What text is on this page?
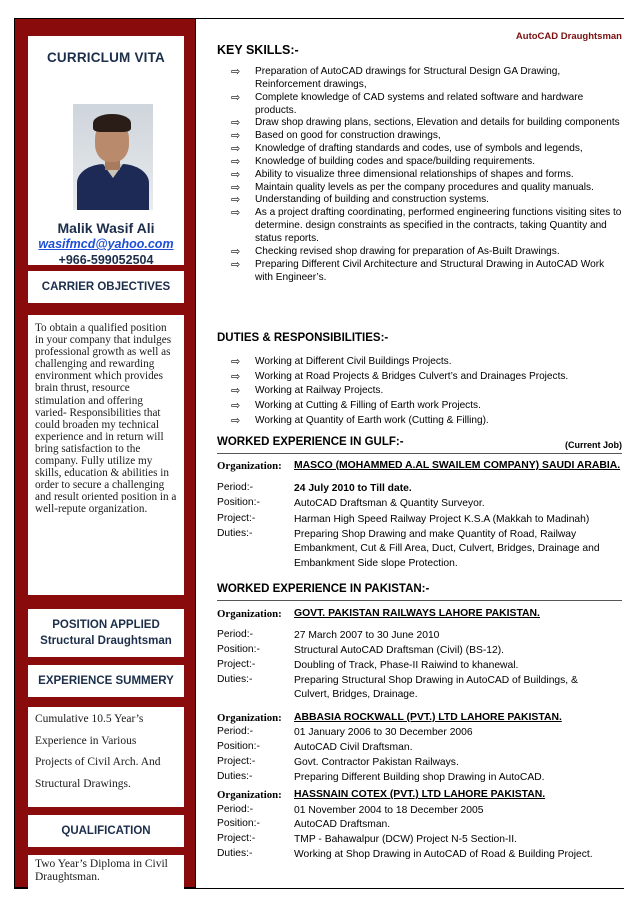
CURRICLUM VITA
Malik Wasif Ali
wasifmcd@yahoo.com
+966-599052504
CARRIER OBJECTIVES
To obtain a qualified position in your company that indulges professional growth as well as challenging and rewarding environment which provides brain thrust, resource stimulation and offering varied- Responsibilities that could broaden my technical experience and in return will bring satisfaction to the company. Fully utilize my skills, education & abilities in order to secure a challenging and result oriented position in a well-repute organization.
POSITION APPLIED
Structural Draughtsman
EXPERIENCE SUMMERY
Cumulative 10.5 Year’s
Experience in Various
Projects of Civil Arch. And
Structural Drawings.
QUALIFICATION
Two Year’s Diploma in Civil Draughtsman.
AutoCAD Draughtsman
KEY SKILLS:-
⇨ Preparation of AutoCAD drawings for Structural Design GA Drawing, Reinforcement drawings,
⇨ Complete knowledge of CAD systems and related software and hardware products.
⇨ Draw shop drawing plans, sections, Elevation and details for building components
⇨ Based on good for construction drawings,
⇨ Knowledge of drafting standards and codes, use of symbols and legends,
⇨ Knowledge of building codes and space/building requirements.
⇨ Ability to visualize three dimensional relationships of shapes and forms.
⇨ Maintain quality levels as per the company procedures and quality manuals.
⇨ Understanding of building and construction systems.
⇨ As a project drafting coordinating, performed engineering functions visiting sites to determine. design constraints as specified in the contracts, taking Quantity and status reports.
⇨ Checking revised shop drawing for preparation of As-Built Drawings.
⇨ Preparing Different Civil Architecture and Structural Drawing in AutoCAD Work with Engineer’s.
DUTIES & RESPONSIBILITIES:-
⇨ Working at Different Civil Buildings Projects.
⇨ Working at Road Projects & Bridges Culvert’s and Drainages Projects.
⇨ Working at Railway Projects.
⇨ Working at Cutting & Filling of Earth work Projects.
⇨ Working at Quantity of Earth work (Cutting & Filling).
WORKED EXPERIENCE IN GULF:-	(Current Job)
Organization: MASCO (MOHAMMED A.AL SWAILEM COMPANY) SAUDI ARABIA.
Period:-	24 July 2010 to Till date.
Position:-	AutoCAD Draftsman & Quantity Surveyor.
Project:-	Harman High Speed Railway Project K.S.A (Makkah to Madinah)
Duties:-	Preparing Shop Drawing and make Quantity of Road, Railway Embankment, Cut & Fill Area, Duct, Culvert, Bridges, Drainage and Embankment Side slope Protection.
WORKED EXPERIENCE IN PAKISTAN:-
Organization: GOVT. PAKISTAN RAILWAYS LAHORE PAKISTAN.
Period:-	27 March 2007 to 30 June 2010
Position:-	Structural AutoCAD Draftsman (Civil) (BS-12).
Project:-	Doubling of Track, Phase-II Raiwind to khanewal.
Duties:-	Preparing Structural Shop Drawing in AutoCAD of Buildings, & Culvert, Bridges, Drainage.
Organization: ABBASIA ROCKWALL (PVT.) LTD LAHORE PAKISTAN.
Period:-	01 January 2006 to 30 December 2006
Position:-	AutoCAD Civil Draftsman.
Project:-	Govt. Contractor Pakistan Railways.
Duties:-	Preparing Different Building shop Drawing in AutoCAD.
Organization: HASSNAIN COTEX (PVT.) LTD LAHORE PAKISTAN.
Period:-	01 November 2004 to 18 December 2005
Position:-	AutoCAD Draftsman.
Project:-	TMP - Bahawalpur (DCW) Project N-5 Section-II.
Duties:-	Working at Shop Drawing in AutoCAD of Road & Building Project.
